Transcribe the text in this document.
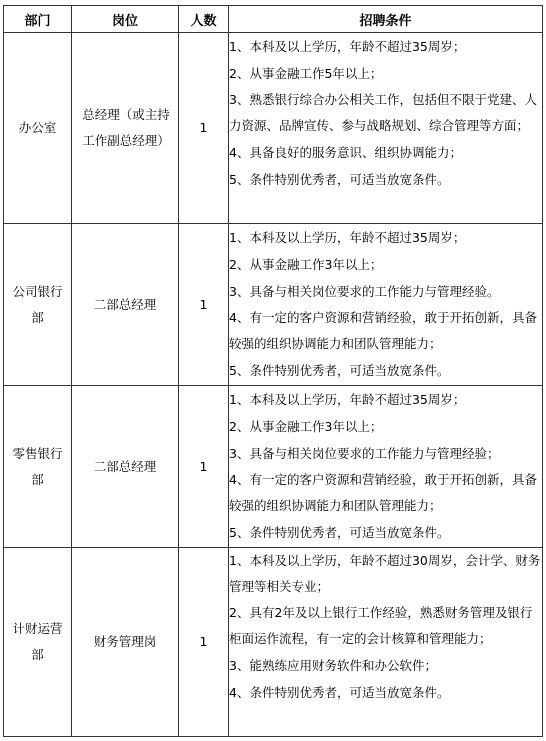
部门	岗位	人数	招聘条件

办公室	总经理（或主持工作副总经理）	1	1、本科及以上学历，年龄不超过35周岁；

2、从事金融工作5年以上；

3、熟悉银行综合办公相关工作，包括但不限于党建、人力资源、品牌宣传、参与战略规划、综合管理等方面；

4、具备良好的服务意识、组织协调能力；

5、条件特别优秀者，可适当放宽条件。

公司银行部	二部总经理	1	1、本科及以上学历，年龄不超过35周岁；

2、从事金融工作3年以上；

3、具备与相关岗位要求的工作能力与管理经验。

4、有一定的客户资源和营销经验，敢于开拓创新，具备较强的组织协调能力和团队管理能力；

5、条件特别优秀者，可适当放宽条件。

零售银行部	二部总经理	1	1、本科及以上学历，年龄不超过35周岁；

2、从事金融工作3年以上；

3、具备与相关岗位要求的工作能力与管理经验；

4、有一定的客户资源和营销经验，敢于开拓创新，具备较强的组织协调能力和团队管理能力；

5、条件特别优秀者，可适当放宽条件。

计财运营部	财务管理岗	1	1、本科及以上学历，年龄不超过30周岁，会计学、财务管理等相关专业；

2、具有2年及以上银行工作经验，熟悉财务管理及银行柜面运作流程，有一定的会计核算和管理能力；

3、能熟练应用财务软件和办公软件；

4、条件特别优秀者，可适当放宽条件。
